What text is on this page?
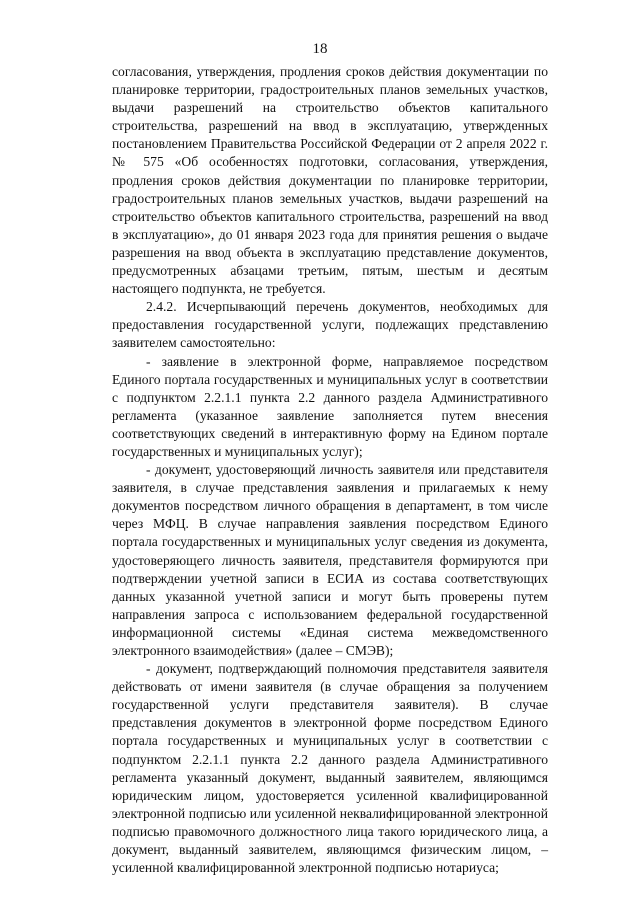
18

согласования, утверждения, продления сроков действия документации по планировке территории, градостроительных планов земельных участков, выдачи разрешений на строительство объектов капитального строительства, разрешений на ввод в эксплуатацию, утвержденных постановлением Правительства Российской Федерации от 2 апреля 2022 г. № 575 «Об особенностях подготовки, согласования, утверждения, продления сроков действия документации по планировке территории, градостроительных планов земельных участков, выдачи разрешений на строительство объектов капитального строительства, разрешений на ввод в эксплуатацию», до 01 января 2023 года для принятия решения о выдаче разрешения на ввод объекта в эксплуатацию представление документов, предусмотренных абзацами третьим, пятым, шестым и десятым настоящего подпункта, не требуется.

2.4.2. Исчерпывающий перечень документов, необходимых для предоставления государственной услуги, подлежащих представлению заявителем самостоятельно:

- заявление в электронной форме, направляемое посредством Единого портала государственных и муниципальных услуг в соответствии с подпунктом 2.2.1.1 пункта 2.2 данного раздела Административного регламента (указанное заявление заполняется путем внесения соответствующих сведений в интерактивную форму на Едином портале государственных и муниципальных услуг);

- документ, удостоверяющий личность заявителя или представителя заявителя, в случае представления заявления и прилагаемых к нему документов посредством личного обращения в департамент, в том числе через МФЦ. В случае направления заявления посредством Единого портала государственных и муниципальных услуг сведения из документа, удостоверяющего личность заявителя, представителя формируются при подтверждении учетной записи в ЕСИА из состава соответствующих данных указанной учетной записи и могут быть проверены путем направления запроса с использованием федеральной государственной информационной системы «Единая система межведомственного электронного взаимодействия» (далее – СМЭВ);

- документ, подтверждающий полномочия представителя заявителя действовать от имени заявителя (в случае обращения за получением государственной услуги представителя заявителя). В случае представления документов в электронной форме посредством Единого портала государственных и муниципальных услуг в соответствии с подпунктом 2.2.1.1 пункта 2.2 данного раздела Административного регламента указанный документ, выданный заявителем, являющимся юридическим лицом, удостоверяется усиленной квалифицированной электронной подписью или усиленной неквалифицированной электронной подписью правомочного должностного лица такого юридического лица, а документ, выданный заявителем, являющимся физическим лицом, – усиленной квалифицированной электронной подписью нотариуса;
